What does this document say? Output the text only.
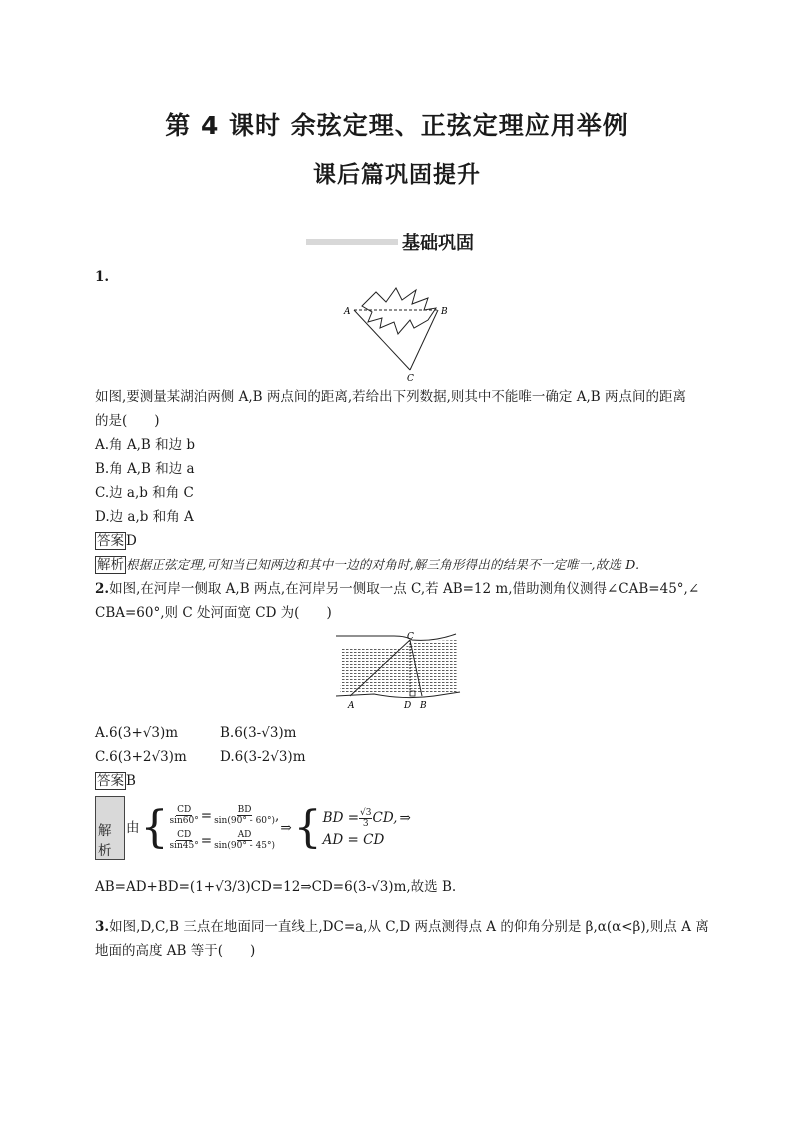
第 4 课时 余弦定理、正弦定理应用举例
课后篇巩固提升
基础巩固
1.
A	B
C
如图,要测量某湖泊两侧 A,B 两点间的距离,若给出下列数据,则其中不能唯一确定 A,B 两点间的距离
的是(　　)
A.角 A,B 和边 b
B.角 A,B 和边 a
C.边 a,b 和角 C
D.边 a,b 和角 A
答案 D
解析 根据正弦定理,可知当已知两边和其中一边的对角时,解三角形得出的结果不一定唯一,故选 D.
2.如图,在河岸一侧取 A,B 两点,在河岸另一侧取一点 C,若 AB=12 m,借助测角仪测得∠CAB=45°,∠
CBA=60°,则 C 处河面宽 CD 为(　　)
A	D B
C
A.6(3+√3)m	B.6(3-√3)m
C.6(3+2√3)m D.6(3-2√3)m
答案 B
解析
由 { $\frac{CD}{\sin 60^\circ} = \frac{BD}{\sin(90^\circ - 60^\circ)}$ ,
$\frac{CD}{\sin 45^\circ} = \frac{AD}{\sin(90^\circ - 45^\circ)}$
⇒ { BD = $\frac{√3}{3}$ CD, ⇒
AD = CD
AB=AD+BD=(1+√3/3)CD=12⇒CD=6(3-√3)m,故选 B.
3.如图,D,C,B 三点在地面同一直线上,DC=a,从 C,D 两点测得点 A 的仰角分别是 β,α(α<β),则点 A 离
地面的高度 AB 等于(　　)
